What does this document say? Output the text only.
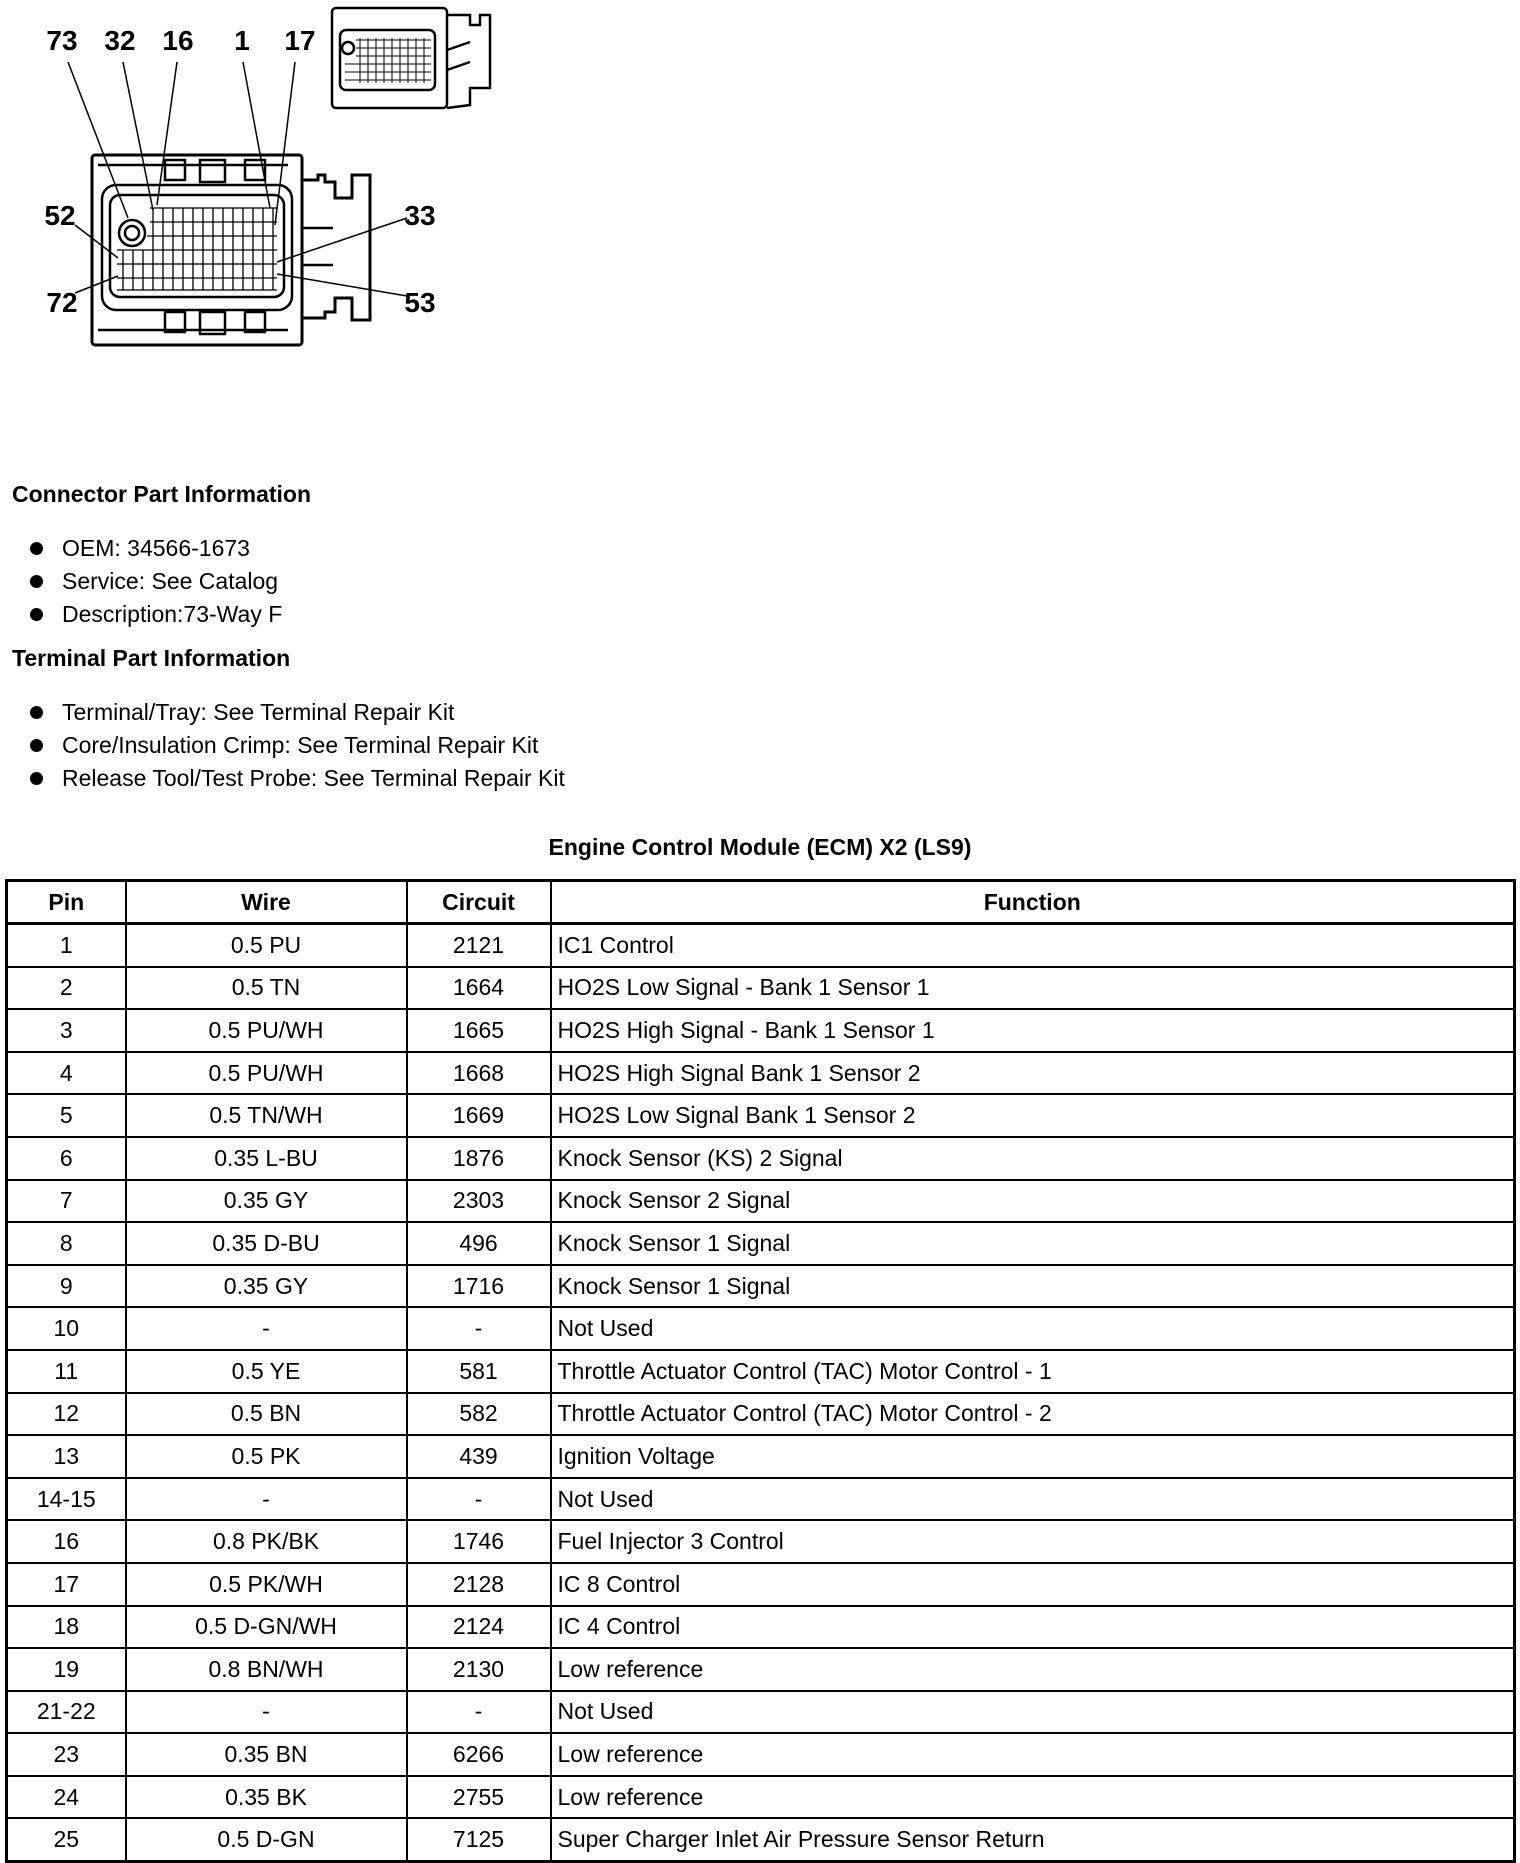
73 32 16 1 17
52
72
33
53
Connector Part Information
OEM: 34566-1673
Service: See Catalog
Description:73-Way F
Terminal Part Information
Terminal/Tray: See Terminal Repair Kit
Core/Insulation Crimp: See Terminal Repair Kit
Release Tool/Test Probe: See Terminal Repair Kit
Engine Control Module (ECM) X2 (LS9)
Pin	Wire	Circuit	Function
1	0.5 PU	2121	IC1 Control
2	0.5 TN	1664	HO2S Low Signal - Bank 1 Sensor 1
3	0.5 PU/WH	1665	HO2S High Signal - Bank 1 Sensor 1
4	0.5 PU/WH	1668	HO2S High Signal Bank 1 Sensor 2
5	0.5 TN/WH	1669	HO2S Low Signal Bank 1 Sensor 2
6	0.35 L-BU	1876	Knock Sensor (KS) 2 Signal
7	0.35 GY	2303	Knock Sensor 2 Signal
8	0.35 D-BU	496	Knock Sensor 1 Signal
9	0.35 GY	1716	Knock Sensor 1 Signal
10	-	-	Not Used
11	0.5 YE	581	Throttle Actuator Control (TAC) Motor Control - 1
12	0.5 BN	582	Throttle Actuator Control (TAC) Motor Control - 2
13	0.5 PK	439	Ignition Voltage
14-15	-	-	Not Used
16	0.8 PK/BK	1746	Fuel Injector 3 Control
17	0.5 PK/WH	2128	IC 8 Control
18	0.5 D-GN/WH	2124	IC 4 Control
19	0.8 BN/WH	2130	Low reference
21-22	-	-	Not Used
23	0.35 BN	6266	Low reference
24	0.35 BK	2755	Low reference
25	0.5 D-GN	7125	Super Charger Inlet Air Pressure Sensor Return
